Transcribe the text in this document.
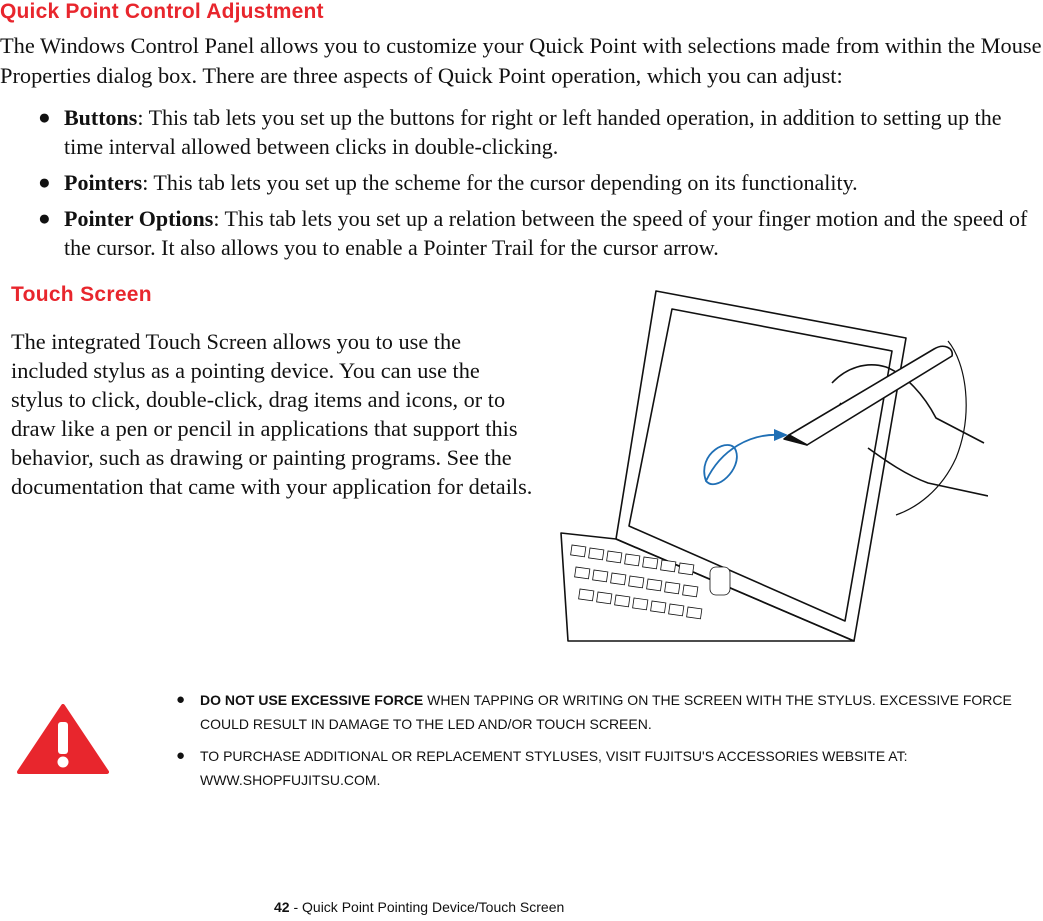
Quick Point Control Adjustment
The Windows Control Panel allows you to customize your Quick Point with selections made from within the Mouse Properties dialog box. There are three aspects of Quick Point operation, which you can adjust:
● Buttons: This tab lets you set up the buttons for right or left handed operation, in addition to setting up the time interval allowed between clicks in double-clicking.
● Pointers: This tab lets you set up the scheme for the cursor depending on its functionality.
● Pointer Options: This tab lets you set up a relation between the speed of your finger motion and the speed of the cursor. It also allows you to enable a Pointer Trail for the cursor arrow.
Touch Screen
The integrated Touch Screen allows you to use the included stylus as a pointing device. You can use the stylus to click, double-click, drag items and icons, or to draw like a pen or pencil in applications that support this behavior, such as drawing or painting programs. See the documentation that came with your application for details.
● DO NOT USE EXCESSIVE FORCE WHEN TAPPING OR WRITING ON THE SCREEN WITH THE STYLUS. EXCESSIVE FORCE COULD RESULT IN DAMAGE TO THE LED AND/OR TOUCH SCREEN.
● TO PURCHASE ADDITIONAL OR REPLACEMENT STYLUSES, VISIT FUJITSU'S ACCESSORIES WEBSITE AT: WWW.SHOPFUJITSU.COM.
42 - Quick Point Pointing Device/Touch Screen
